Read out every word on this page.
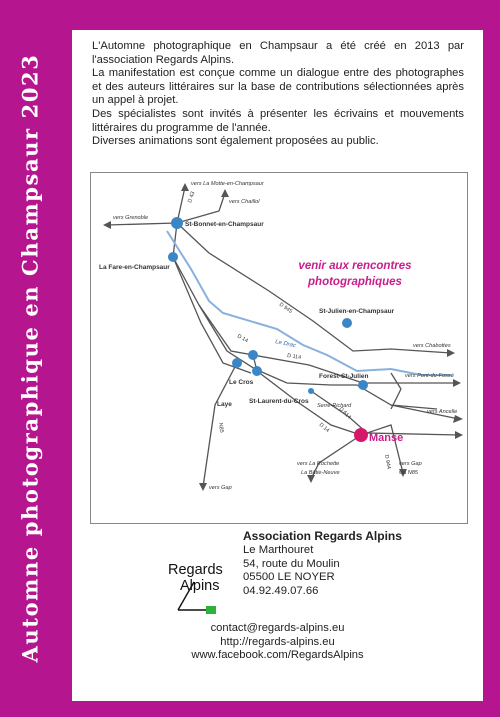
Automne photographique en Champsaur 2023

L'Automne photographique en Champsaur a été créé en 2013 par l'association Regards Alpins.

La manifestation est conçue comme un dialogue entre des photographes et des auteurs littéraires sur la base de contributions sélectionnées après un appel à projet.

Des spécialistes sont invités à présenter les écrivains et mouvements littéraires du programme de l'année.

Diverses animations sont également proposées au public.

venir aux rencontres
photographiques
St-Bonnet-en-Champsaur
La Fare-en-Champsaur
St-Julien-en-Champsaur
Le Cros
Forest-St-Julien
Laye	St-Laurent-du-Cros
Serre-Richard
Manse
vers La Motte-en-Champsaur
vers Chaillol
vers Grenoble
vers Chabottes
vers Pont-du-Fossé
vers Ancelle
vers Gap
vers La Rochette
La Bâtie-Neuve
vers Gap
via N85
D 43
D 945
D 14
D 114
D 14
D 614
D 944
N85
Le Drac
Regards
Alpins
Association Regards Alpins
Le Marthouret
54, route du Moulin
05500 LE NOYER
04.92.49.07.66
contact@regards-alpins.eu
http://regards-alpins.eu
www.facebook.com/RegardsAlpins
